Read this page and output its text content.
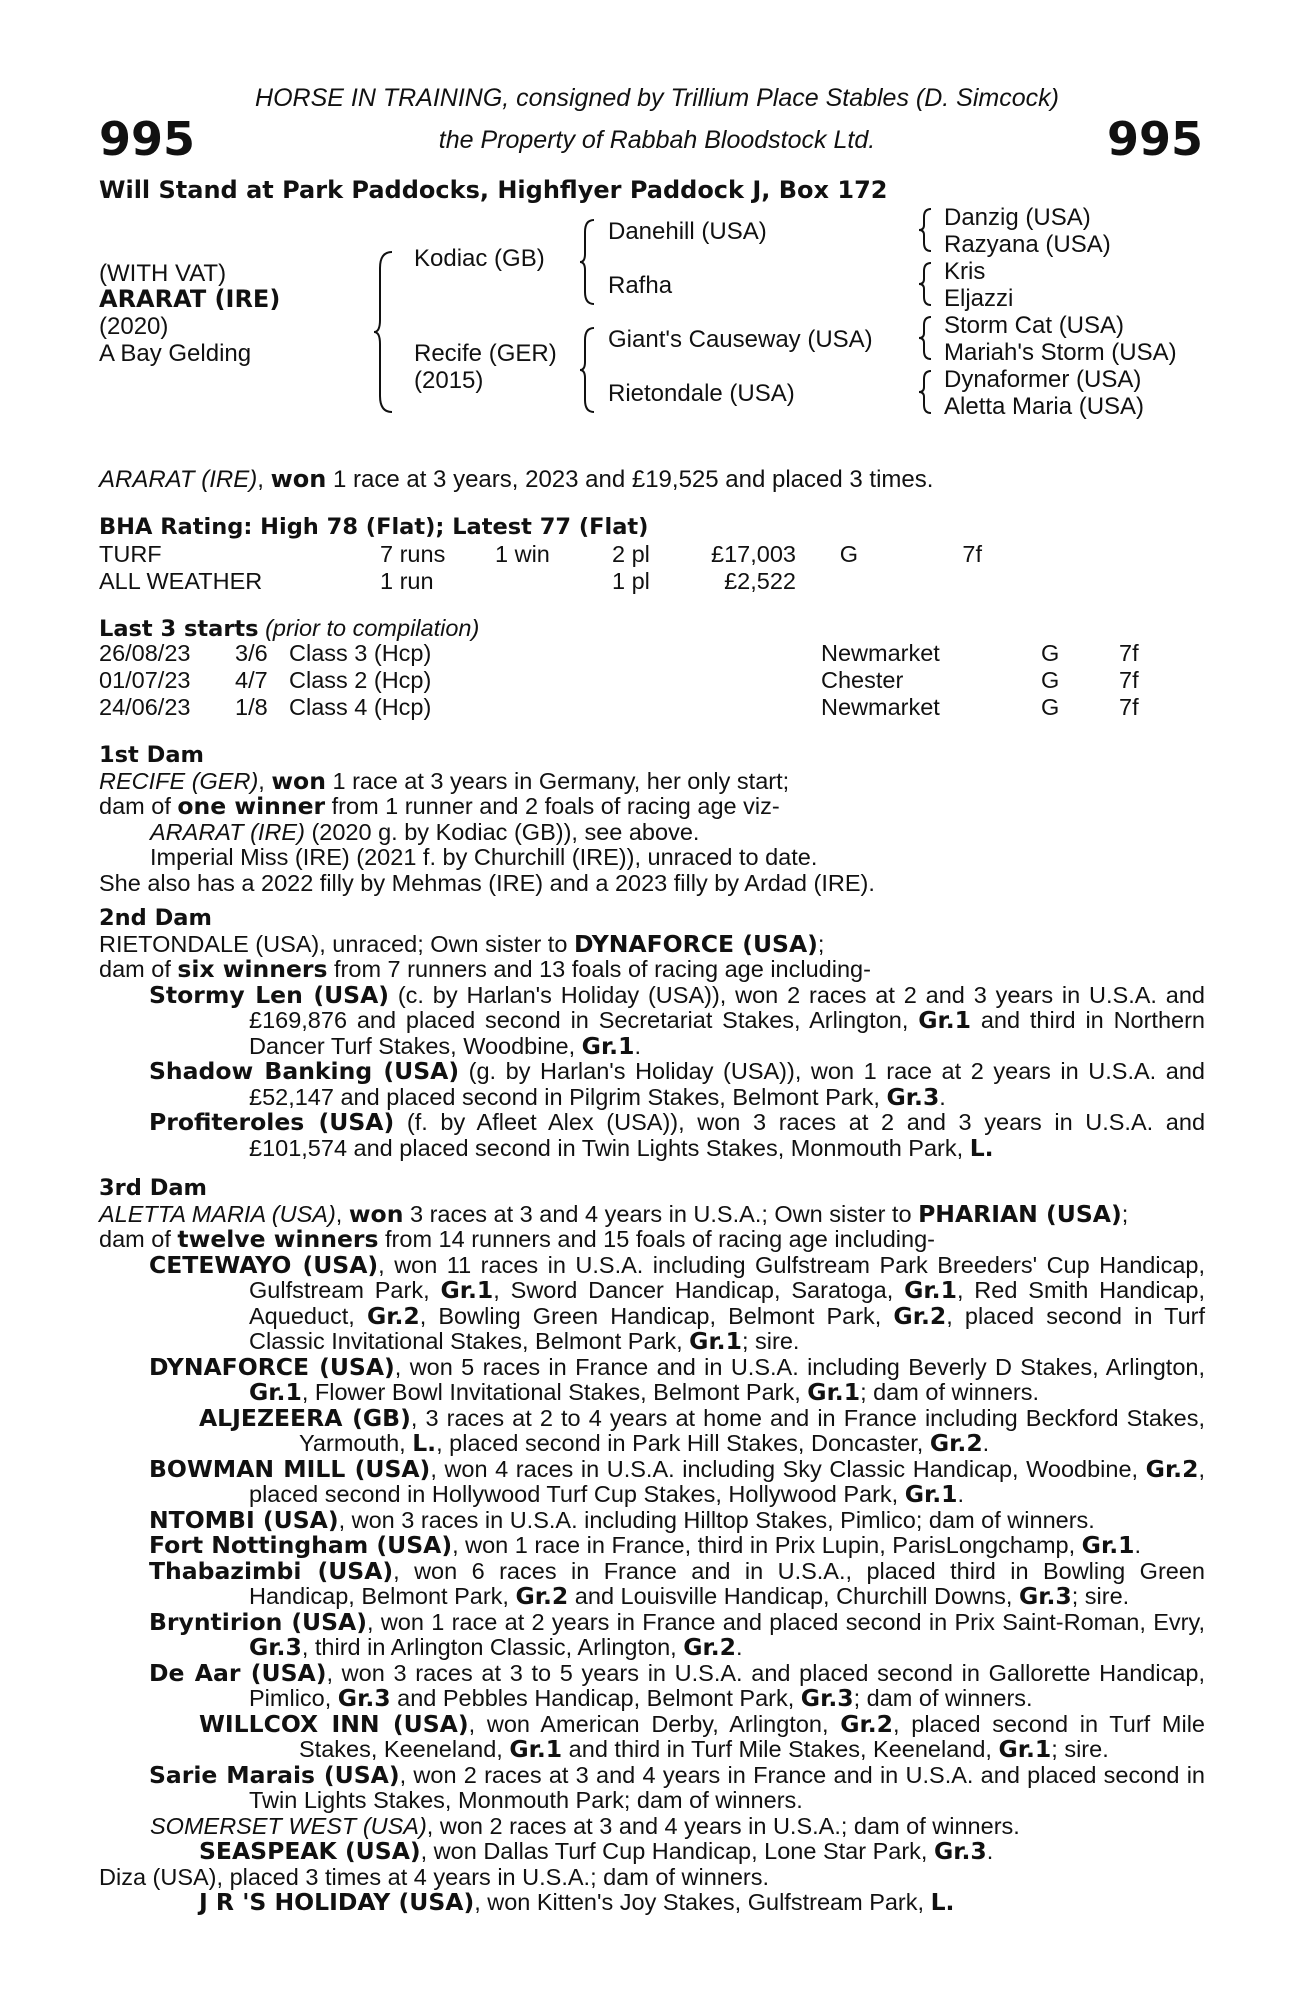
995	995
HORSE IN TRAINING, consigned by Trillium Place Stables (D. Simcock)
the Property of Rabbah Bloodstock Ltd.
Will Stand at Park Paddocks, Highflyer Paddock J, Box 172
(WITH VAT)
ARARAT (IRE)
(2020)
A Bay Gelding
Kodiac (GB)
Recife (GER)
(2015)
Danehill (USA)
Rafha
Giant's Causeway (USA)
Rietondale (USA)
Danzig (USA)
Razyana (USA)
Kris
Eljazzi
Storm Cat (USA)
Mariah's Storm (USA)
Dynaformer (USA)
Aletta Maria (USA)
ARARAT (IRE), won 1 race at 3 years, 2023 and £19,525 and placed 3 times.
BHA Rating: High 78 (Flat); Latest 77 (Flat)
TURF	7 runs	1 win	2 pl	£17,003	G	7f
ALL WEATHER	1 run		1 pl	£2,522		
Last 3 starts (prior to compilation)
26/08/23	3/6	Class 3 (Hcp)	Newmarket	G	7f
01/07/23	4/7	Class 2 (Hcp)	Chester	G	7f
24/06/23	1/8	Class 4 (Hcp)	Newmarket	G	7f

1st Dam

RECIFE (GER), won 1 race at 3 years in Germany, her only start;

dam of one winner from 1 runner and 2 foals of racing age viz-

ARARAT (IRE) (2020 g. by Kodiac (GB)), see above.

Imperial Miss (IRE) (2021 f. by Churchill (IRE)), unraced to date.

She also has a 2022 filly by Mehmas (IRE) and a 2023 filly by Ardad (IRE).

2nd Dam

RIETONDALE (USA), unraced; Own sister to DYNAFORCE (USA);

dam of six winners from 7 runners and 13 foals of racing age including-

Stormy Len (USA) (c. by Harlan's Holiday (USA)), won 2 races at 2 and 3 years in U.S.A. and £169,876 and placed second in Secretariat Stakes, Arlington, Gr.1 and third in Northern Dancer Turf Stakes, Woodbine, Gr.1.

Shadow Banking (USA) (g. by Harlan's Holiday (USA)), won 1 race at 2 years in U.S.A. and £52,147 and placed second in Pilgrim Stakes, Belmont Park, Gr.3.

Profiteroles (USA) (f. by Afleet Alex (USA)), won 3 races at 2 and 3 years in U.S.A. and £101,574 and placed second in Twin Lights Stakes, Monmouth Park, L.

3rd Dam

ALETTA MARIA (USA), won 3 races at 3 and 4 years in U.S.A.; Own sister to PHARIAN (USA);

dam of twelve winners from 14 runners and 15 foals of racing age including-

CETEWAYO (USA), won 11 races in U.S.A. including Gulfstream Park Breeders' Cup Handicap, Gulfstream Park, Gr.1, Sword Dancer Handicap, Saratoga, Gr.1, Red Smith Handicap, Aqueduct, Gr.2, Bowling Green Handicap, Belmont Park, Gr.2, placed second in Turf Classic Invitational Stakes, Belmont Park, Gr.1; sire.

DYNAFORCE (USA), won 5 races in France and in U.S.A. including Beverly D Stakes, Arlington, Gr.1, Flower Bowl Invitational Stakes, Belmont Park, Gr.1; dam of winners.

ALJEZEERA (GB), 3 races at 2 to 4 years at home and in France including Beckford Stakes, Yarmouth, L., placed second in Park Hill Stakes, Doncaster, Gr.2.

BOWMAN MILL (USA), won 4 races in U.S.A. including Sky Classic Handicap, Woodbine, Gr.2, placed second in Hollywood Turf Cup Stakes, Hollywood Park, Gr.1.

NTOMBI (USA), won 3 races in U.S.A. including Hilltop Stakes, Pimlico; dam of winners.

Fort Nottingham (USA), won 1 race in France, third in Prix Lupin, ParisLongchamp, Gr.1.

Thabazimbi (USA), won 6 races in France and in U.S.A., placed third in Bowling Green Handicap, Belmont Park, Gr.2 and Louisville Handicap, Churchill Downs, Gr.3; sire.

Bryntirion (USA), won 1 race at 2 years in France and placed second in Prix Saint-Roman, Evry, Gr.3, third in Arlington Classic, Arlington, Gr.2.

De Aar (USA), won 3 races at 3 to 5 years in U.S.A. and placed second in Gallorette Handicap, Pimlico, Gr.3 and Pebbles Handicap, Belmont Park, Gr.3; dam of winners.

WILLCOX INN (USA), won American Derby, Arlington, Gr.2, placed second in Turf Mile Stakes, Keeneland, Gr.1 and third in Turf Mile Stakes, Keeneland, Gr.1; sire.

Sarie Marais (USA), won 2 races at 3 and 4 years in France and in U.S.A. and placed second in Twin Lights Stakes, Monmouth Park; dam of winners.

SOMERSET WEST (USA), won 2 races at 3 and 4 years in U.S.A.; dam of winners.

SEASPEAK (USA), won Dallas Turf Cup Handicap, Lone Star Park, Gr.3.

Diza (USA), placed 3 times at 4 years in U.S.A.; dam of winners.

J R 'S HOLIDAY (USA), won Kitten's Joy Stakes, Gulfstream Park, L.
